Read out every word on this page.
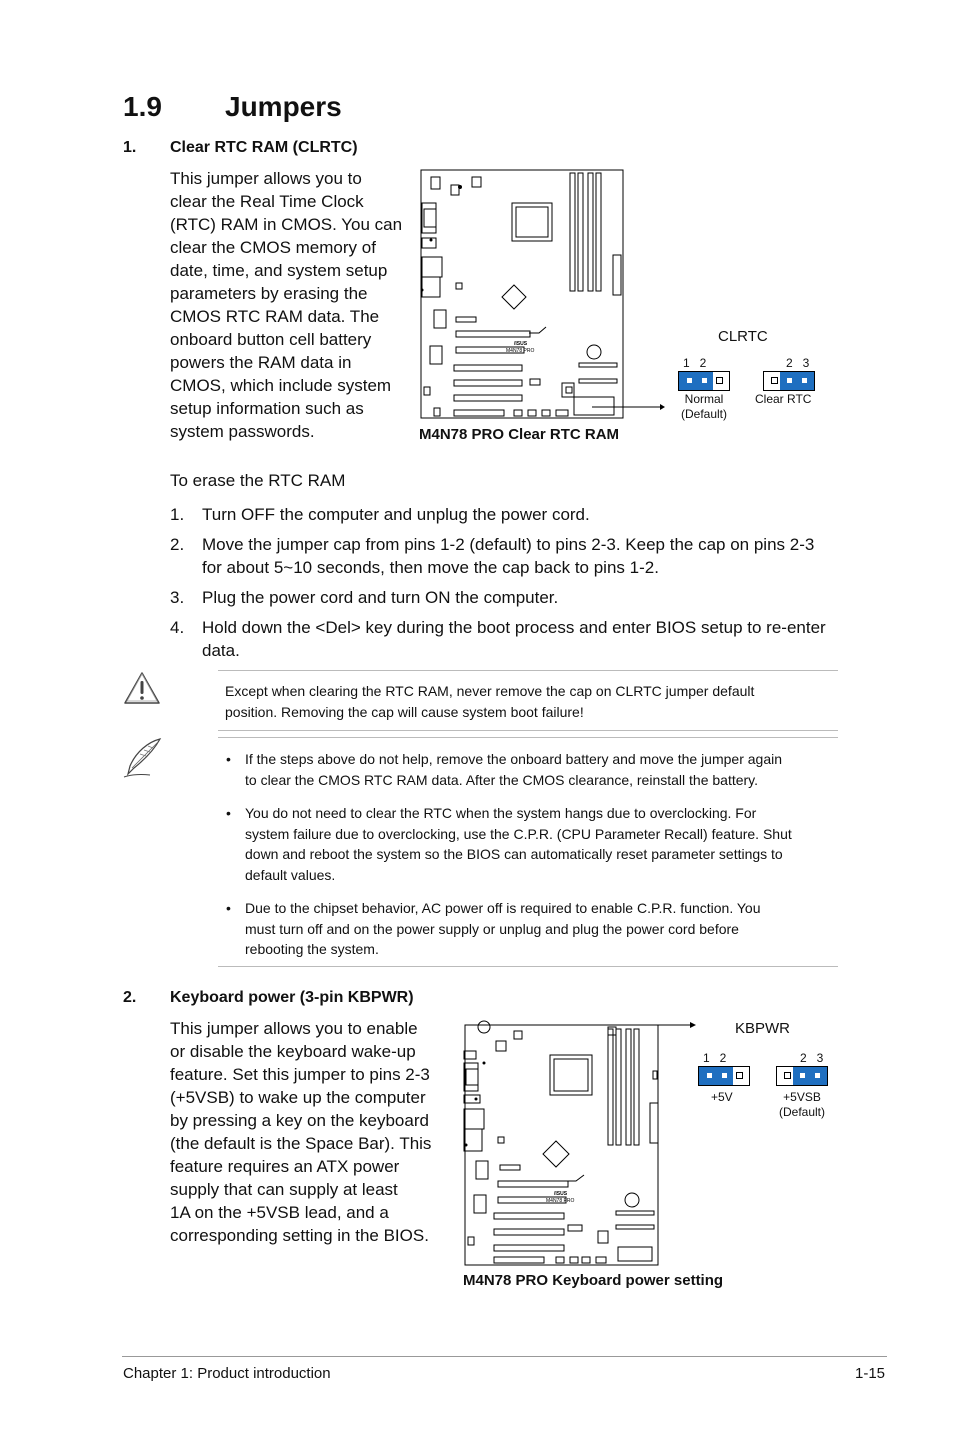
1.9 Jumpers
1. Clear RTC RAM (CLRTC)
This jumper allows you to
clear the Real Time Clock
(RTC) RAM in CMOS. You can
clear the CMOS memory of
date, time, and system setup
parameters by erasing the
CMOS RTC RAM data. The
onboard button cell battery
powers the RAM data in
CMOS, which include system
setup information such as
system passwords.
/ISUS
M4N78 PRO
CLRTC
1   2	2   3
Normal
(Default)
Clear RTC
M4N78 PRO Clear RTC RAM
To erase the RTC RAM
1. Turn OFF the computer and unplug the power cord.
2. Move the jumper cap from pins 1-2 (default) to pins 2-3. Keep the cap on pins 2-3
for about 5~10 seconds, then move the cap back to pins 1-2.
3. Plug the power cord and turn ON the computer.
4. Hold down the <Del> key during the boot process and enter BIOS setup to re-enter
data.
Except when clearing the RTC RAM, never remove the cap on CLRTC jumper default
position. Removing the cap will cause system boot failure!
• If the steps above do not help, remove the onboard battery and move the jumper again
to clear the CMOS RTC RAM data. After the CMOS clearance, reinstall the battery.
• You do not need to clear the RTC when the system hangs due to overclocking. For
system failure due to overclocking, use the C.P.R. (CPU Parameter Recall) feature. Shut
down and reboot the system so the BIOS can automatically reset parameter settings to
default values.
• Due to the chipset behavior, AC power off is required to enable C.P.R. function. You
must turn off and on the power supply or unplug and plug the power cord before
rebooting the system.
2. Keyboard power (3-pin KBPWR)
This jumper allows you to enable
or disable the keyboard wake-up
feature. Set this jumper to pins 2-3
(+5VSB) to wake up the computer
by pressing a key on the keyboard
(the default is the Space Bar). This
feature requires an ATX power
supply that can supply at least
1A on the +5VSB lead, and a
corresponding setting in the BIOS.
/ISUS
M4N78 PRO
KBPWR
1   2	2   3
+5V	+5VSB
(Default)
M4N78 PRO Keyboard power setting
Chapter 1: Product introduction	1-15
